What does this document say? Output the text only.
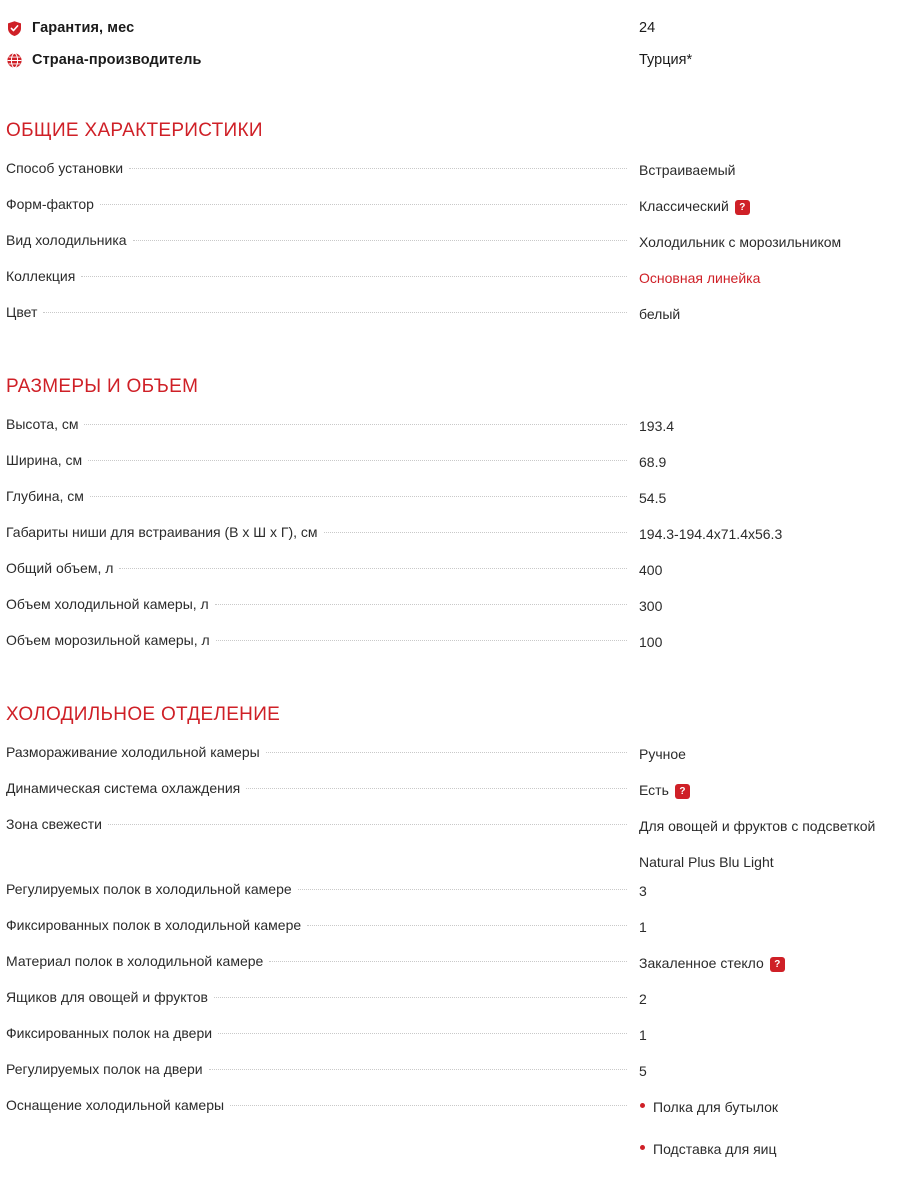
Гарантия, мес	24
Страна-производитель	Турция*
ОБЩИЕ ХАРАКТЕРИСТИКИ
Способ установки	Встраиваемый
Форм-фактор	Классический ?
Вид холодильника	Холодильник с морозильником
Коллекция	Основная линейка
Цвет	белый
РАЗМЕРЫ И ОБЪЕМ
Высота, см	193.4
Ширина, см	68.9
Глубина, см	54.5
Габариты ниши для встраивания (В х Ш х Г), см	194.3-194.4x71.4x56.3
Общий объем, л	400
Объем холодильной камеры, л	300
Объем морозильной камеры, л	100
ХОЛОДИЛЬНОЕ ОТДЕЛЕНИЕ
Размораживание холодильной камеры	Ручное
Динамическая система охлаждения	Есть ?
Зона свежести	Для овощей и фруктов с подсветкой
Natural Plus Blu Light
Регулируемых полок в холодильной камере	3
Фиксированных полок в холодильной камере	1
Материал полок в холодильной камере	Закаленное стекло ?
Ящиков для овощей и фруктов	2
Фиксированных полок на двери	1
Регулируемых полок на двери	5
Оснащение холодильной камеры	Полка для бутылок
Подставка для яиц
